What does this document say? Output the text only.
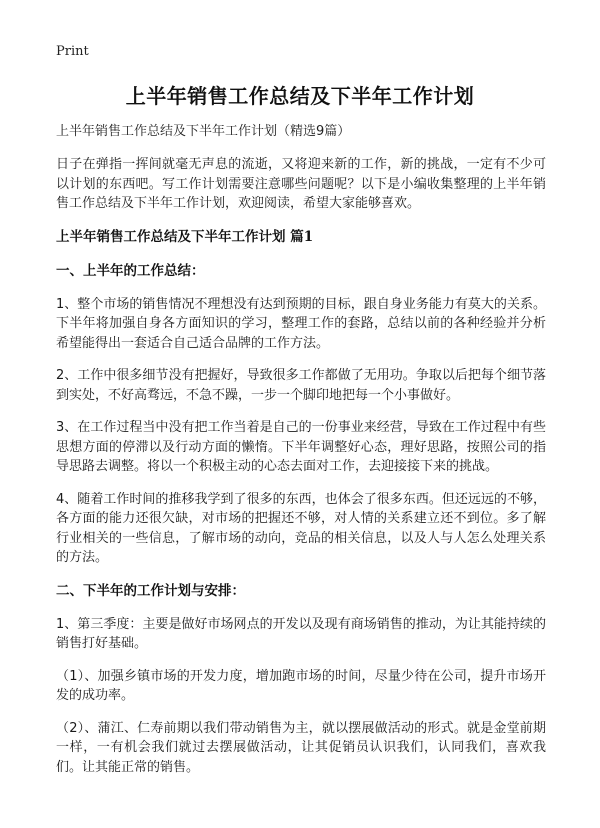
Print
上半年销售工作总结及下半年工作计划

上半年销售工作总结及下半年工作计划（精选9篇）

日子在弹指一挥间就毫无声息的流逝，又将迎来新的工作，新的挑战，一定有不少可以计划的东西吧。写工作计划需要注意哪些问题呢？以下是小编收集整理的上半年销售工作总结及下半年工作计划，欢迎阅读，希望大家能够喜欢。

上半年销售工作总结及下半年工作计划 篇1
一、上半年的工作总结：

1、整个市场的销售情况不理想没有达到预期的目标，跟自身业务能力有莫大的关系。下半年将加强自身各方面知识的学习，整理工作的套路，总结以前的各种经验并分析希望能得出一套适合自己适合品牌的工作方法。

2、工作中很多细节没有把握好，导致很多工作都做了无用功。争取以后把每个细节落到实处，不好高骛远，不急不躁，一步一个脚印地把每一个小事做好。

3、在工作过程当中没有把工作当着是自己的一份事业来经营，导致在工作过程中有些思想方面的停滞以及行动方面的懒惰。下半年调整好心态，理好思路，按照公司的指导思路去调整。将以一个积极主动的心态去面对工作，去迎接接下来的挑战。

4、随着工作时间的推移我学到了很多的东西，也体会了很多东西。但还远远的不够，各方面的能力还很欠缺，对市场的把握还不够，对人情的关系建立还不到位。多了解行业相关的一些信息，了解市场的动向，竞品的相关信息，以及人与人怎么处理关系的方法。

二、下半年的工作计划与安排：

1、第三季度：主要是做好市场网点的开发以及现有商场销售的推动，为让其能持续的销售打好基础。

（1）、加强乡镇市场的开发力度，增加跑市场的时间，尽量少待在公司，提升市场开发的成功率。

（2）、蒲江、仁寿前期以我们带动销售为主，就以摆展做活动的形式。就是金堂前期一样，一有机会我们就过去摆展做活动，让其促销员认识我们，认同我们，喜欢我们。让其能正常的销售。
